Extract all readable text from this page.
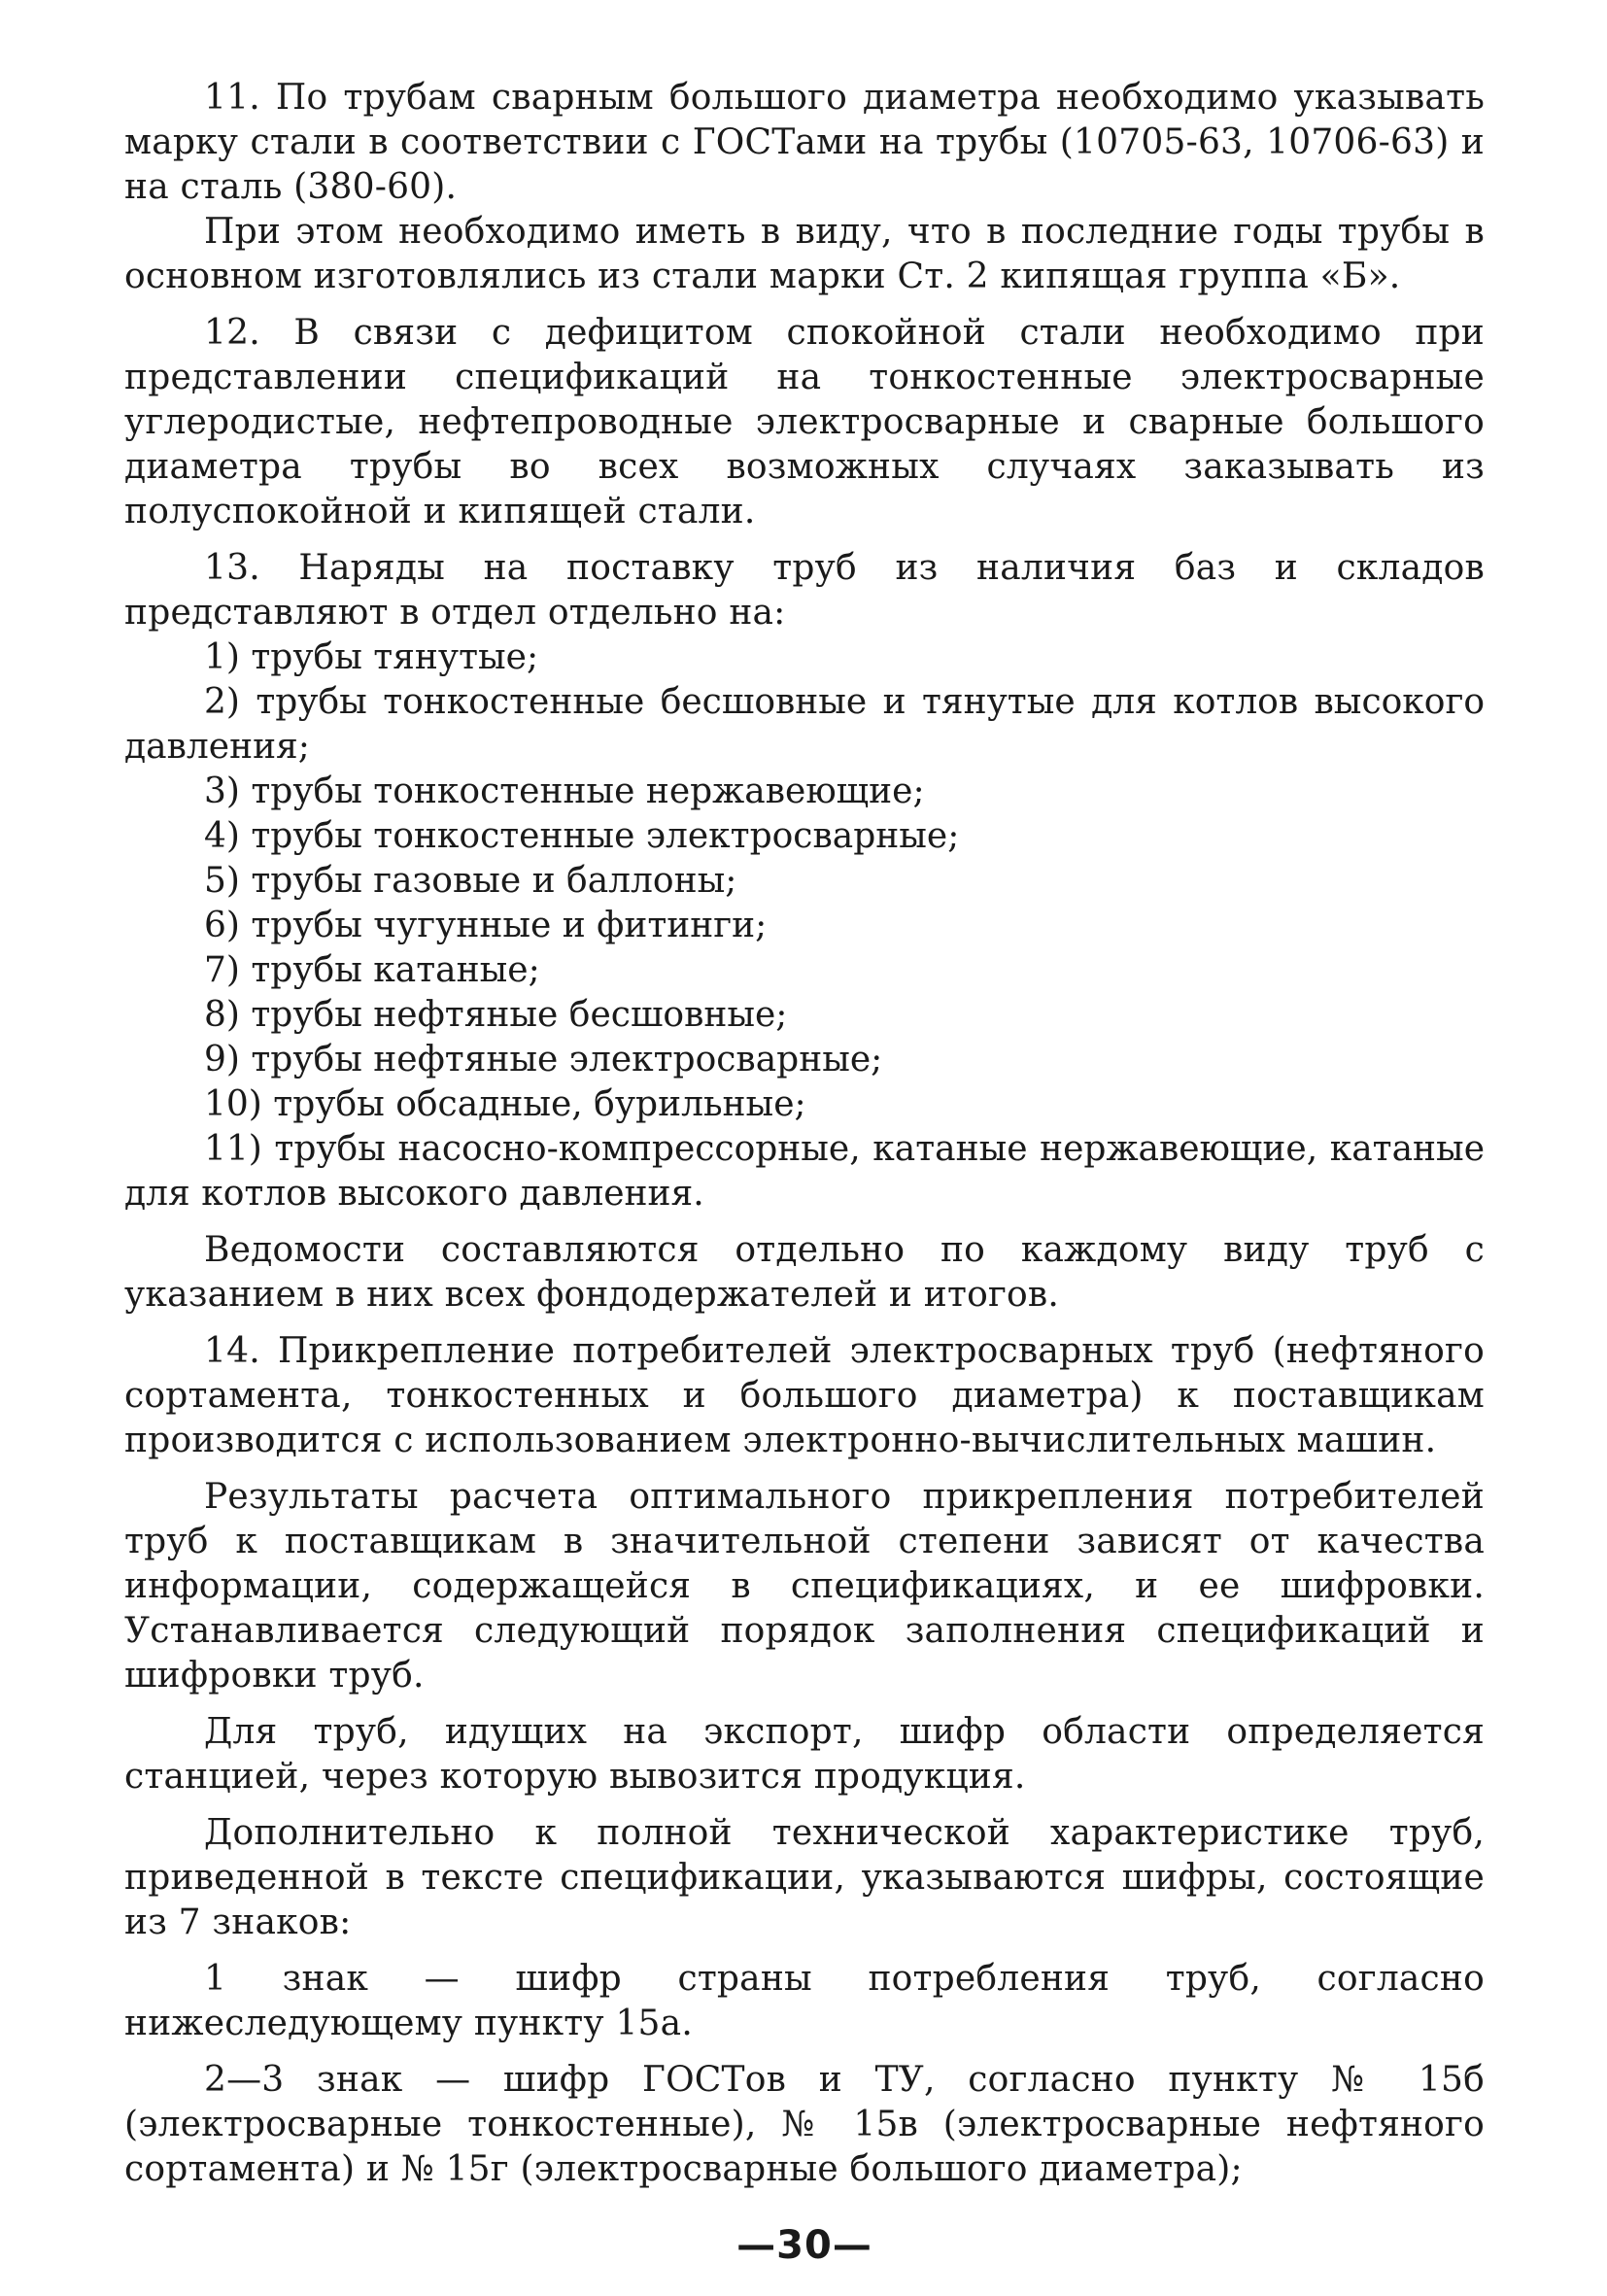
11. По трубам сварным большого диаметра необходимо указывать марку стали в соответствии с ГОСТами на трубы (10705-63, 10706-63) и на сталь (380-60).

При этом необходимо иметь в виду, что в последние годы трубы в основном изготовлялись из стали марки Ст. 2 кипящая группа «Б».

12. В связи с дефицитом спокойной стали необходимо при представлении спецификаций на тонкостенные электросварные углеродистые, нефтепроводные электросварные и сварные большого диаметра трубы во всех возможных случаях заказывать из полуспокойной и кипящей стали.

13. Наряды на поставку труб из наличия баз и складов представляют в отдел отдельно на:

1) трубы тянутые;
2) трубы тонкостенные бесшовные и тянутые для котлов высокого давления;
3) трубы тонкостенные нержавеющие;
4) трубы тонкостенные электросварные;
5) трубы газовые и баллоны;
6) трубы чугунные и фитинги;
7) трубы катаные;
8) трубы нефтяные бесшовные;
9) трубы нефтяные электросварные;
10) трубы обсадные, бурильные;
11) трубы насосно-компрессорные, катаные нержавеющие, катаные для котлов высокого давления.

Ведомости составляются отдельно по каждому виду труб с указанием в них всех фондодержателей и итогов.

14. Прикрепление потребителей электросварных труб (нефтяного сортамента, тонкостенных и большого диаметра) к поставщикам производится с использованием электронно-вычислительных машин.

Результаты расчета оптимального прикрепления потребителей труб к поставщикам в значительной степени зависят от качества информации, содержащейся в спецификациях, и ее шифровки. Устанавливается следующий порядок заполнения спецификаций и шифровки труб.

Для труб, идущих на экспорт, шифр области определяется станцией, через которую вывозится продукция.

Дополнительно к полной технической характеристике труб, приведенной в тексте спецификации, указываются шифры, состоящие из 7 знаков:

1 знак — шифр страны потребления труб, согласно нижеследующему пункту 15а.

2—3 знак — шифр ГОСТов и ТУ, согласно пункту № 15б (электросварные тонкостенные), № 15в (электросварные нефтяного сортамента) и № 15г (электросварные большого диаметра);

—30—
